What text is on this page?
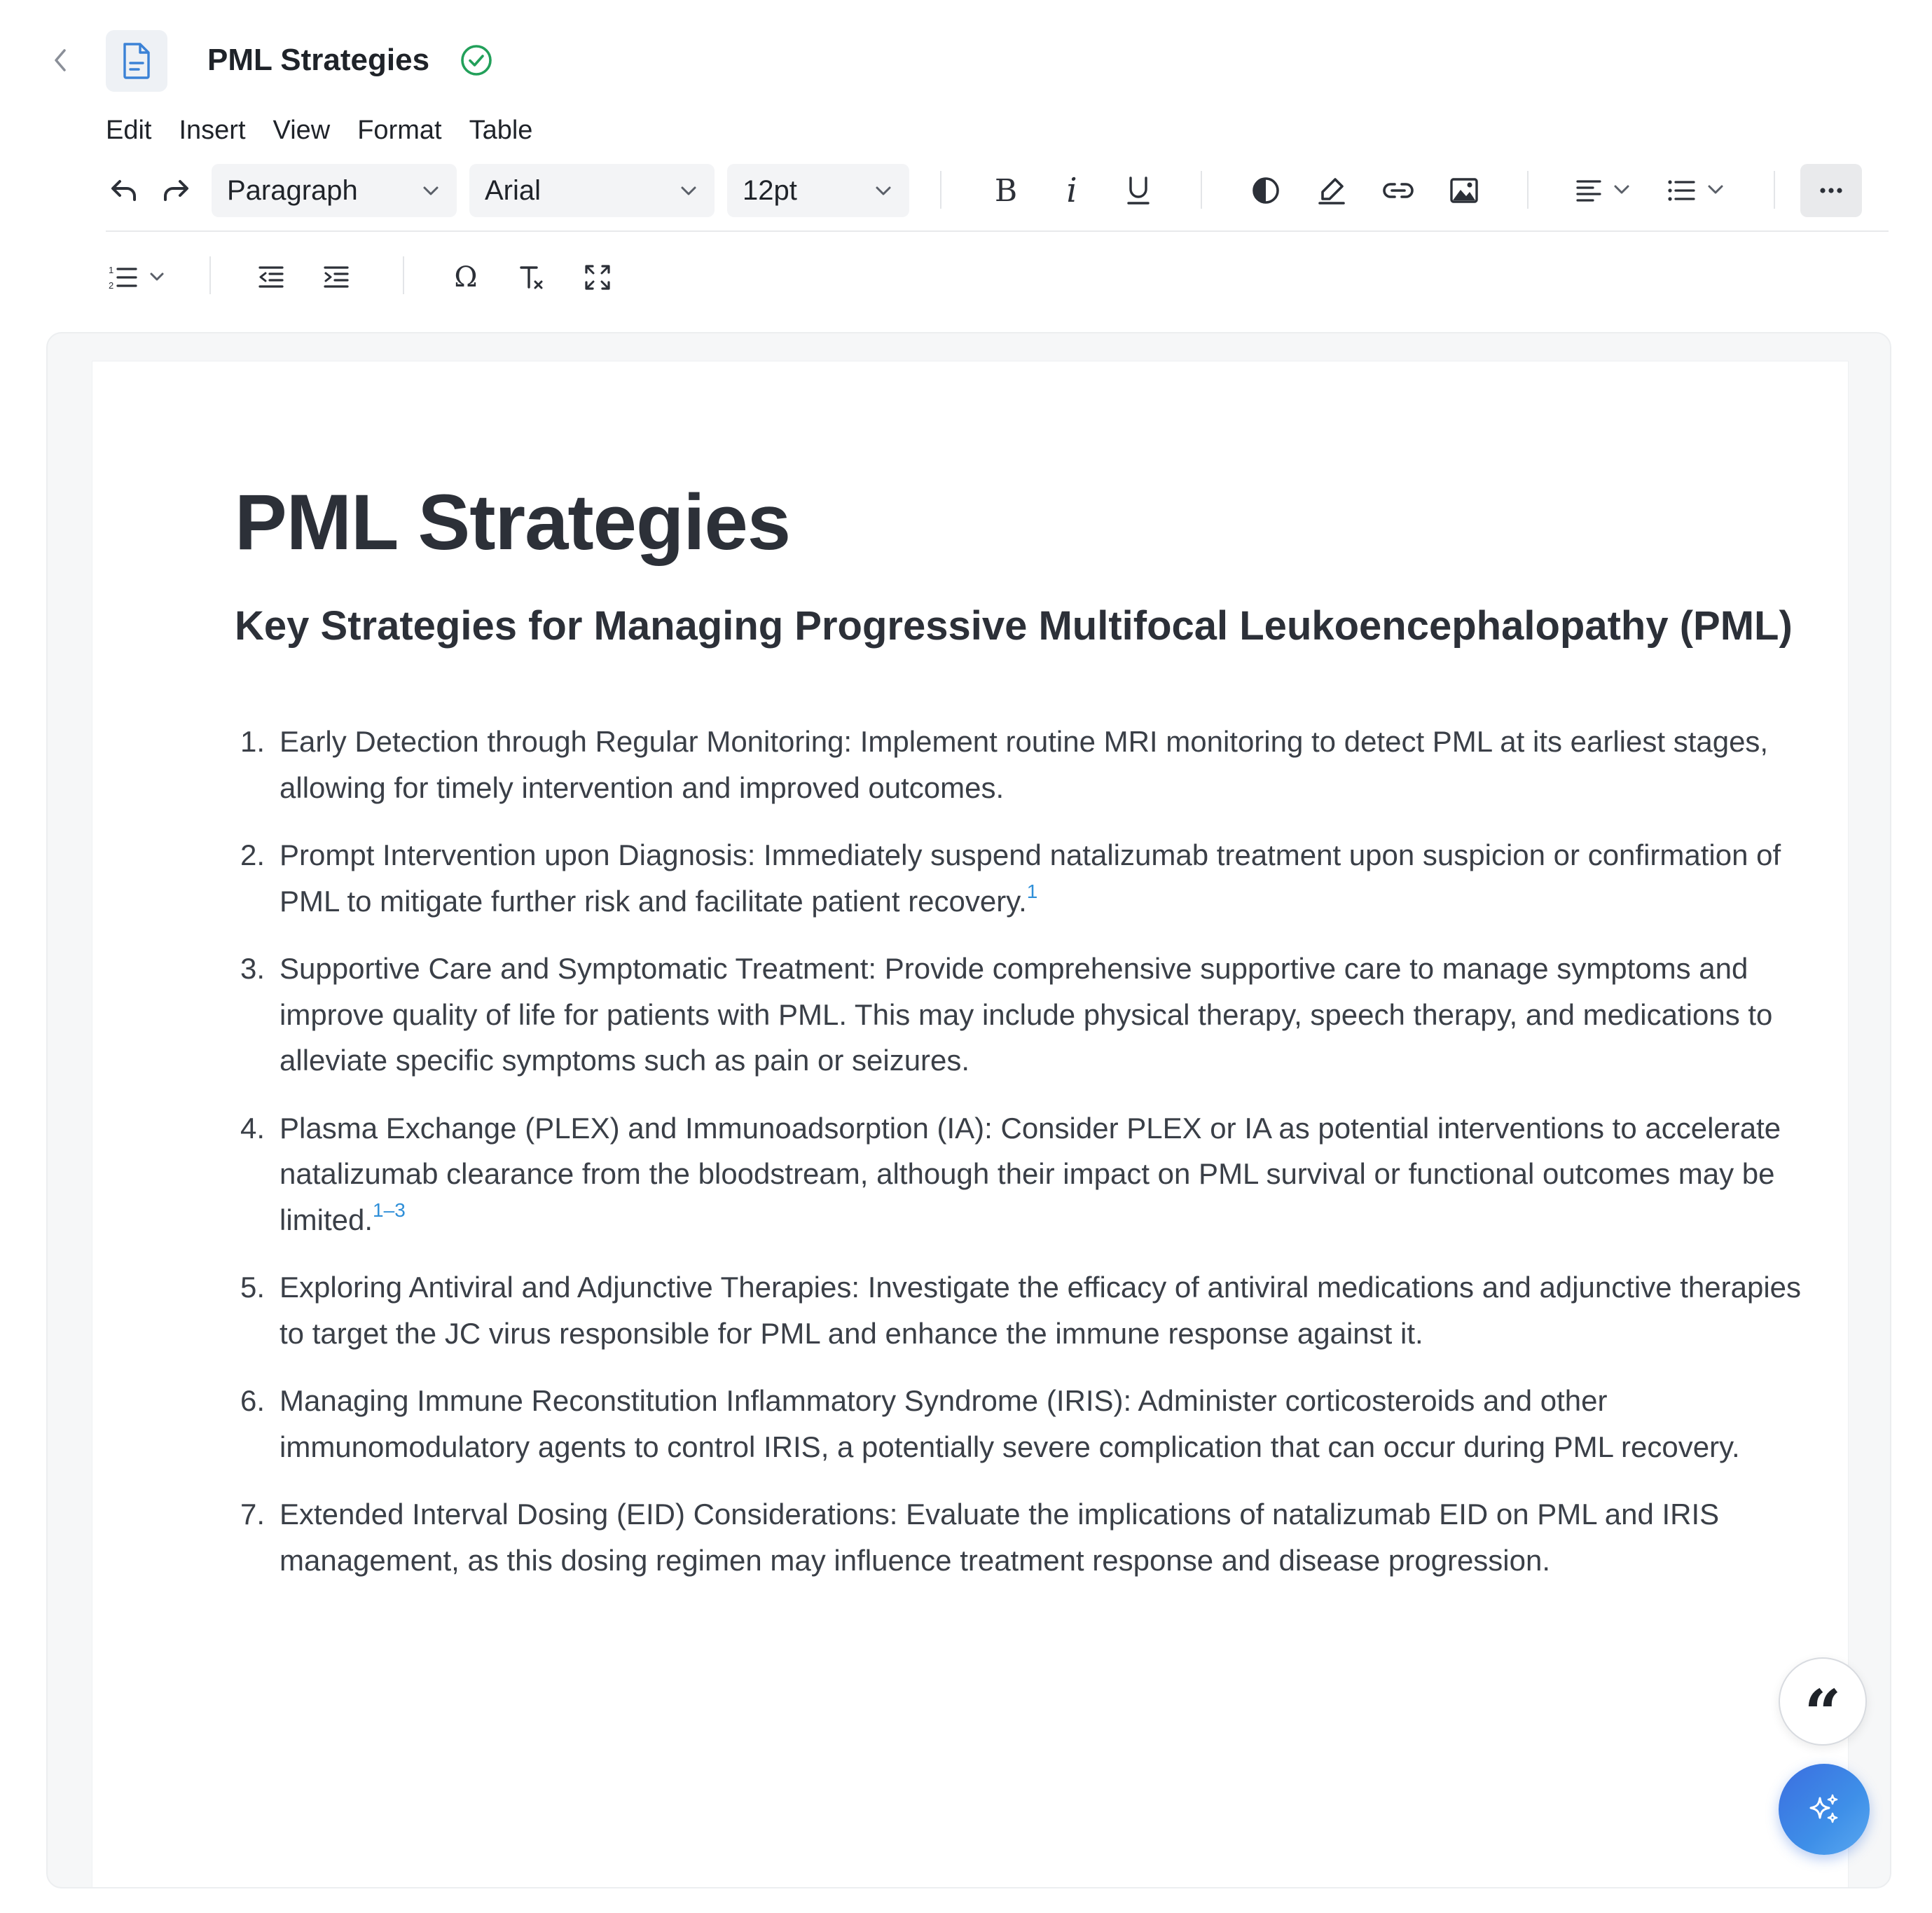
PML Strategies
Edit Insert View Format Table
Paragraph	Arial	12pt	B	i
1
2	Ω
PML Strategies
Key Strategies for Managing Progressive Multifocal Leukoencephalopathy (PML)
1. Early Detection through Regular Monitoring: Implement routine MRI monitoring to detect PML at its earliest stages, allowing for timely intervention and improved outcomes.
2. Prompt Intervention upon Diagnosis: Immediately suspend natalizumab treatment upon suspicion or confirmation of PML to mitigate further risk and facilitate patient recovery.$^1$
3. Supportive Care and Symptomatic Treatment: Provide comprehensive supportive care to manage symptoms and improve quality of life for patients with PML. This may include physical therapy, speech therapy, and medications to alleviate specific symptoms such as pain or seizures.
4. Plasma Exchange (PLEX) and Immunoadsorption (IA): Consider PLEX or IA as potential interventions to accelerate natalizumab clearance from the bloodstream, although their impact on PML survival or functional outcomes may be limited.$^{1-3}$
5. Exploring Antiviral and Adjunctive Therapies: Investigate the efficacy of antiviral medications and adjunctive therapies to target the JC virus responsible for PML and enhance the immune response against it.
6. Managing Immune Reconstitution Inflammatory Syndrome (IRIS): Administer corticosteroids and other immunomodulatory agents to control IRIS, a potentially severe complication that can occur during PML recovery.
7. Extended Interval Dosing (EID) Considerations: Evaluate the implications of natalizumab EID on PML and IRIS management, as this dosing regimen may influence treatment response and disease progression.
“
